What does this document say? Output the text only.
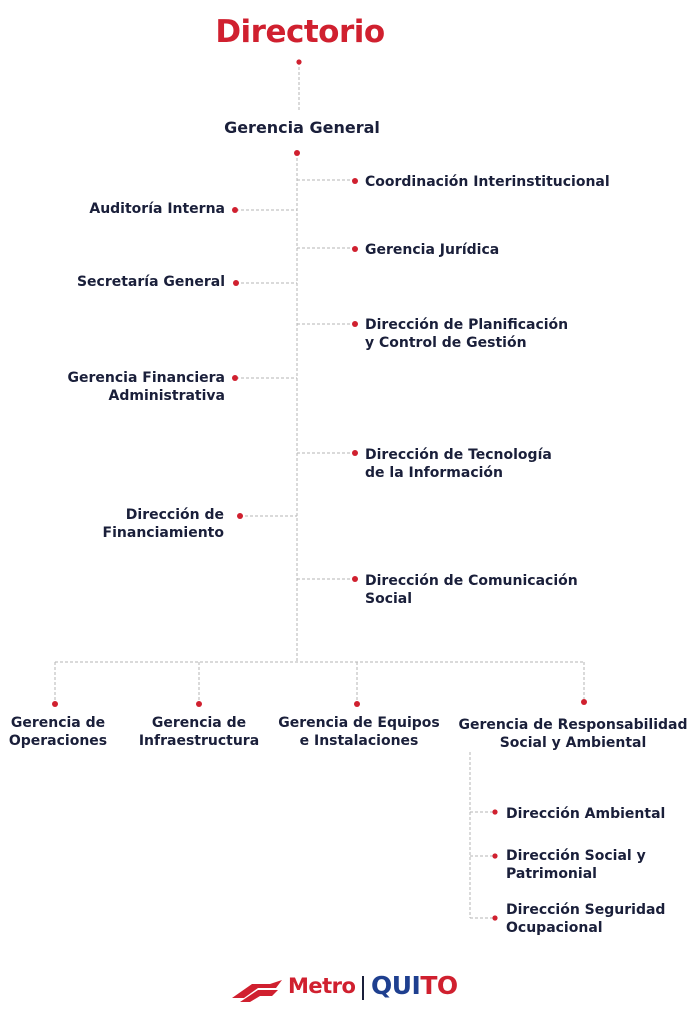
Directorio
Gerencia General
Coordinación Interinstitucional
Gerencia Jurídica
Dirección de Planificación
y Control de Gestión
Dirección de Tecnología
de la Información
Dirección de Comunicación
Social
Auditoría Interna
Secretaría General
Gerencia Financiera
Administrativa
Dirección de
Financiamiento
Gerencia de
Operaciones
Gerencia de
Infraestructura
Gerencia de Equipos
e Instalaciones
Gerencia de Responsabilidad
Social y Ambiental
Dirección Ambiental
Dirección Social y
Patrimonial
Dirección Seguridad
Ocupacional
Metro QUITO
